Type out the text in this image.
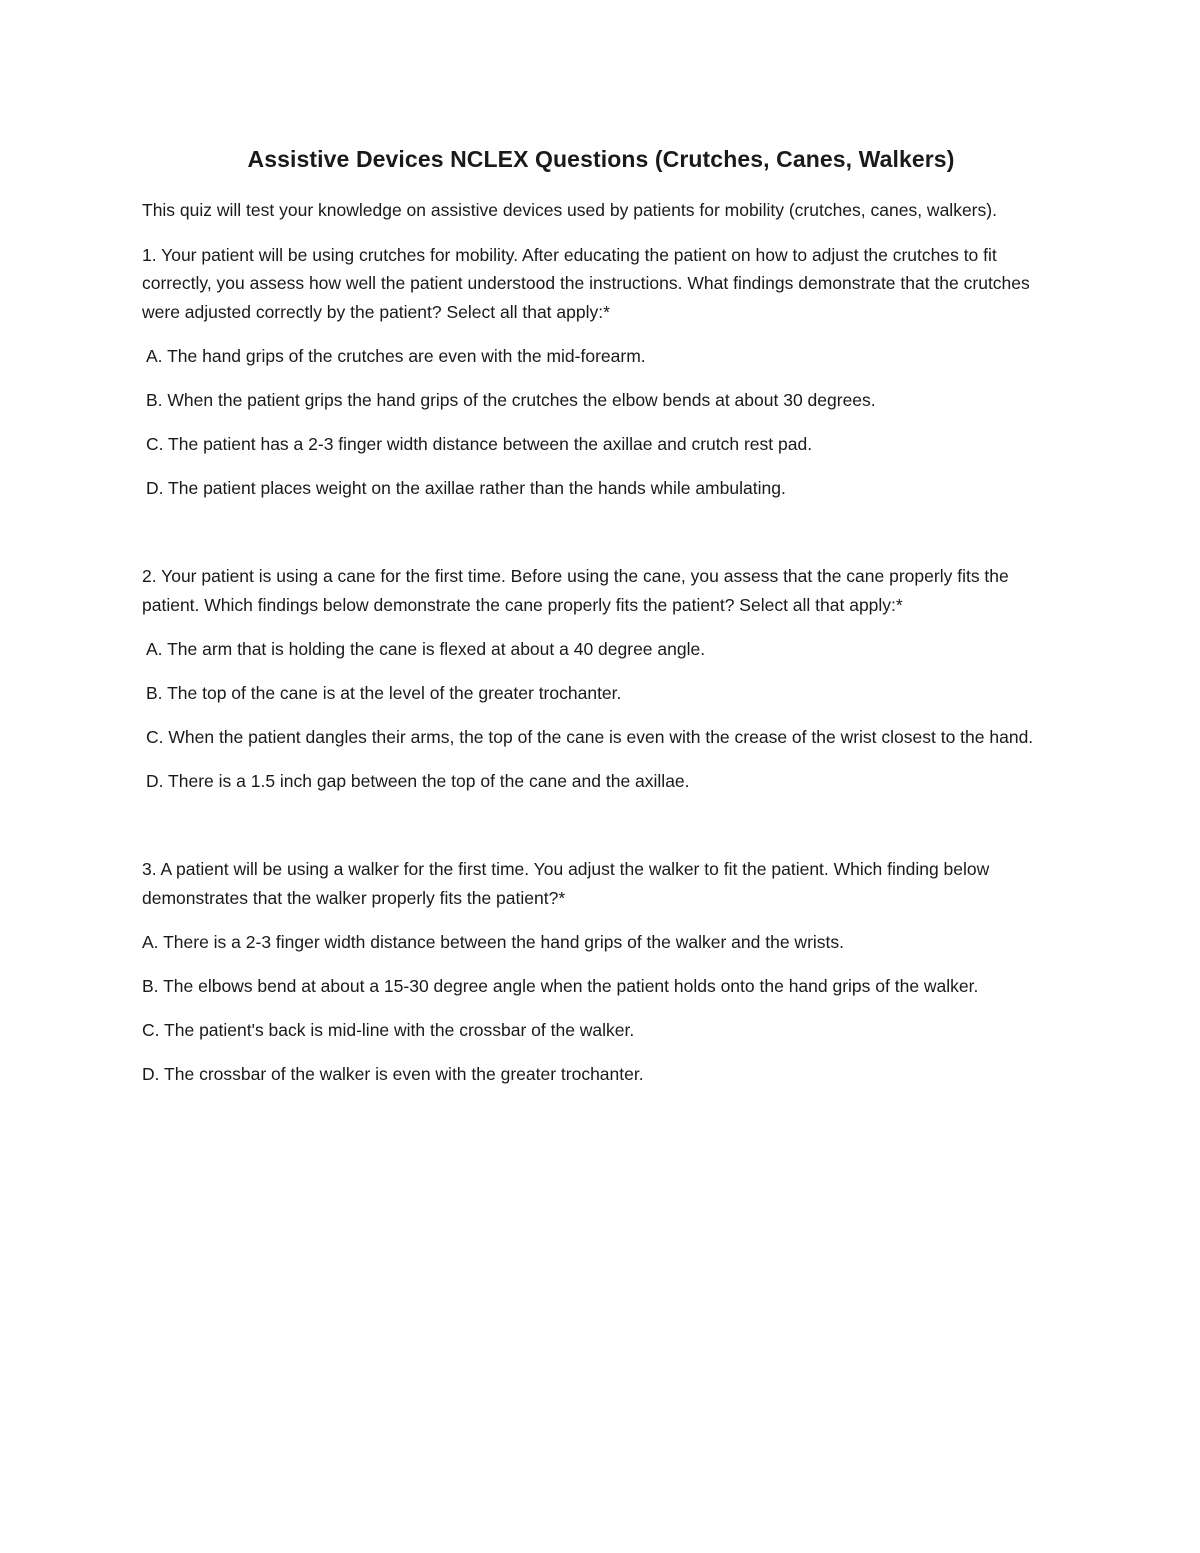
Assistive Devices NCLEX Questions (Crutches, Canes, Walkers)

This quiz will test your knowledge on assistive devices used by patients for mobility (crutches, canes, walkers).

1. Your patient will be using crutches for mobility. After educating the patient on how to adjust the crutches to fit correctly, you assess how well the patient understood the instructions. What findings demonstrate that the crutches were adjusted correctly by the patient? Select all that apply:*

A. The hand grips of the crutches are even with the mid-forearm.

B. When the patient grips the hand grips of the crutches the elbow bends at about 30 degrees.

C. The patient has a 2-3 finger width distance between the axillae and crutch rest pad.

D. The patient places weight on the axillae rather than the hands while ambulating.

2. Your patient is using a cane for the first time. Before using the cane, you assess that the cane properly fits the patient. Which findings below demonstrate the cane properly fits the patient? Select all that apply:*

A. The arm that is holding the cane is flexed at about a 40 degree angle.

B. The top of the cane is at the level of the greater trochanter.

C. When the patient dangles their arms, the top of the cane is even with the crease of the wrist closest to the hand.

D. There is a 1.5 inch gap between the top of the cane and the axillae.

3. A patient will be using a walker for the first time. You adjust the walker to fit the patient. Which finding below demonstrates that the walker properly fits the patient?*

A. There is a 2-3 finger width distance between the hand grips of the walker and the wrists.

B. The elbows bend at about a 15-30 degree angle when the patient holds onto the hand grips of the walker.

C. The patient's back is mid-line with the crossbar of the walker.

D. The crossbar of the walker is even with the greater trochanter.
